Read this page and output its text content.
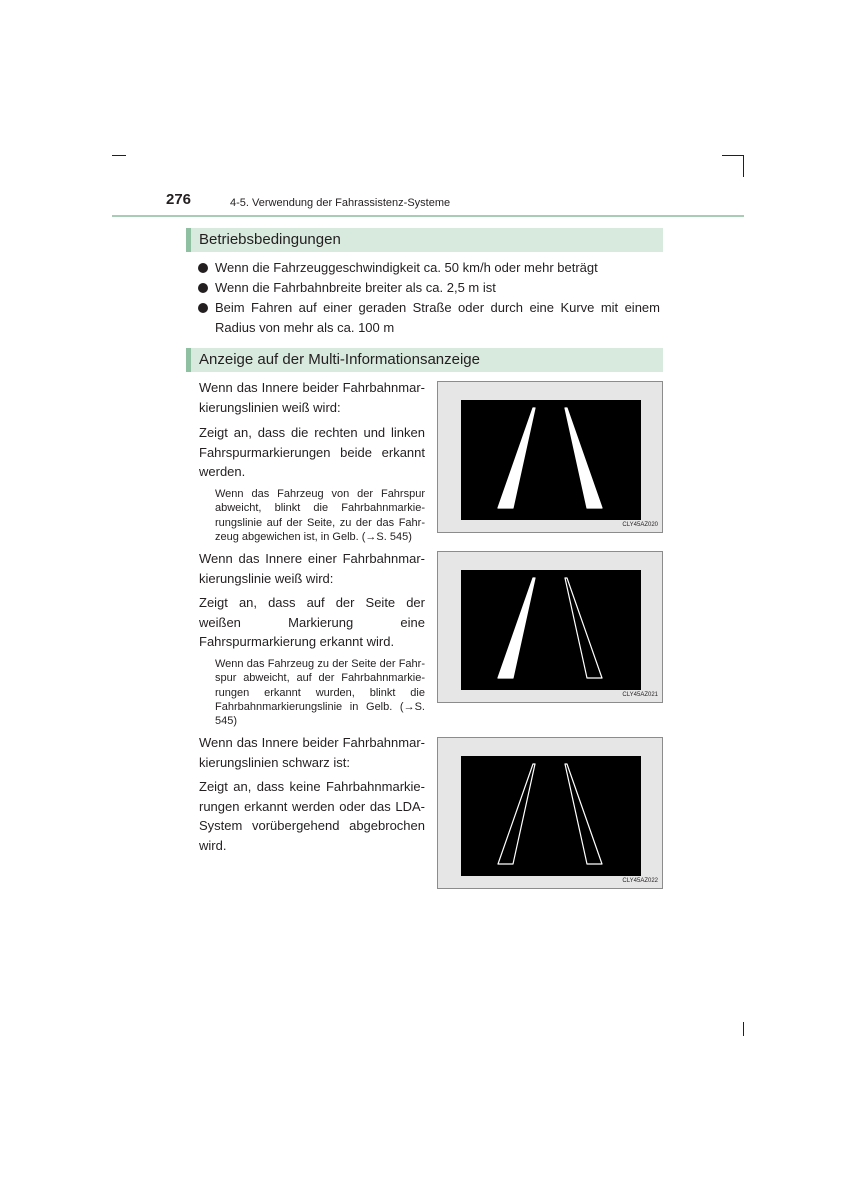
276	4-5. Verwendung der Fahrassistenz-Systeme
Betriebsbedingungen
Wenn die Fahrzeuggeschwindigkeit ca. 50 km/h oder mehr beträgt
Wenn die Fahrbahnbreite breiter als ca. 2,5 m ist
Beim Fahren auf einer geraden Straße oder durch eine Kurve mit einem Radius von mehr als ca. 100 m
Anzeige auf der Multi-Informationsanzeige

Wenn das Innere beider Fahrbahnmarkierungslinien weiß wird:

Zeigt an, dass die rechten und linken Fahrspurmarkierungen beide erkannt werden.

Wenn das Fahrzeug von der Fahrspur abweicht, blinkt die Fahrbahnmarkierungslinie auf der Seite, zu der das Fahrzeug abgewichen ist, in Gelb. (→S. 545)

CLY45AZ020

Wenn das Innere einer Fahrbahnmarkierungslinie weiß wird:

Zeigt an, dass auf der Seite der weißen Markierung eine Fahrspurmarkierung erkannt wird.

Wenn das Fahrzeug zu der Seite der Fahrspur abweicht, auf der Fahrbahnmarkierungen erkannt wurden, blinkt die Fahrbahnmarkierungslinie in Gelb. (→S. 545)

CLY45AZ021

Wenn das Innere beider Fahrbahnmarkierungslinien schwarz ist:

Zeigt an, dass keine Fahrbahnmarkierungen erkannt werden oder das LDA-System vorübergehend abgebrochen wird.

CLY45AZ022
